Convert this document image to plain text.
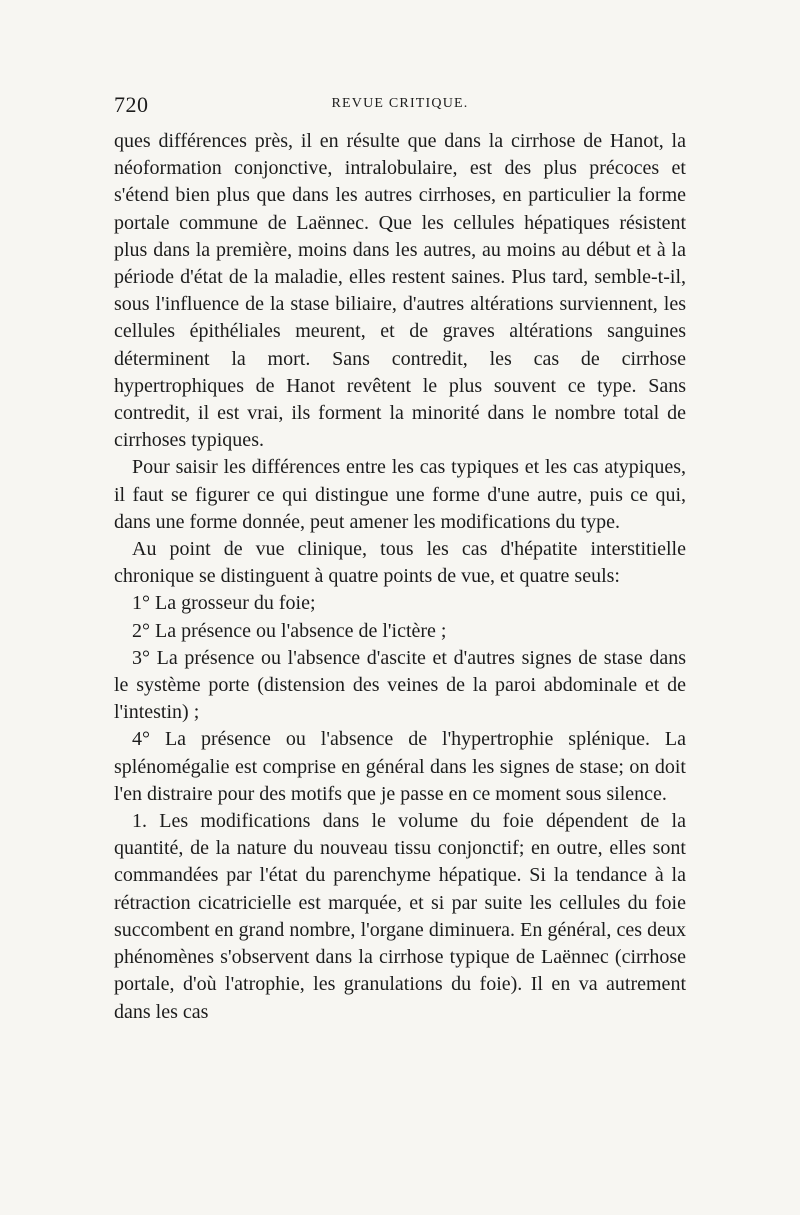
720	REVUE CRITIQUE.

ques différences près, il en résulte que dans la cirrhose de Hanot, la néoformation conjonctive, intralobulaire, est des plus précoces et s'étend bien plus que dans les autres cirrhoses, en particulier la forme portale commune de Laënnec. Que les cellules hépatiques résistent plus dans la première, moins dans les autres, au moins au début et à la période d'état de la maladie, elles restent saines. Plus tard, semble-t-il, sous l'influence de la stase biliaire, d'autres altérations surviennent, les cellules épithéliales meurent, et de graves altérations sanguines déterminent la mort. Sans contredit, les cas de cirrhose hypertrophiques de Hanot revêtent le plus souvent ce type. Sans contredit, il est vrai, ils forment la minorité dans le nombre total de cirrhoses typiques.

Pour saisir les différences entre les cas typiques et les cas atypiques, il faut se figurer ce qui distingue une forme d'une autre, puis ce qui, dans une forme donnée, peut amener les modifications du type.

Au point de vue clinique, tous les cas d'hépatite interstitielle chronique se distinguent à quatre points de vue, et quatre seuls:

1° La grosseur du foie;

2° La présence ou l'absence de l'ictère ;

3° La présence ou l'absence d'ascite et d'autres signes de stase dans le système porte (distension des veines de la paroi abdominale et de l'intestin) ;

4° La présence ou l'absence de l'hypertrophie splénique. La splénomégalie est comprise en général dans les signes de stase; on doit l'en distraire pour des motifs que je passe en ce moment sous silence.

1. Les modifications dans le volume du foie dépendent de la quantité, de la nature du nouveau tissu conjonctif; en outre, elles sont commandées par l'état du parenchyme hépatique. Si la tendance à la rétraction cicatricielle est marquée, et si par suite les cellules du foie succombent en grand nombre, l'organe diminuera. En général, ces deux phénomènes s'observent dans la cirrhose typique de Laënnec (cirrhose portale, d'où l'atrophie, les granulations du foie). Il en va autrement dans les cas
